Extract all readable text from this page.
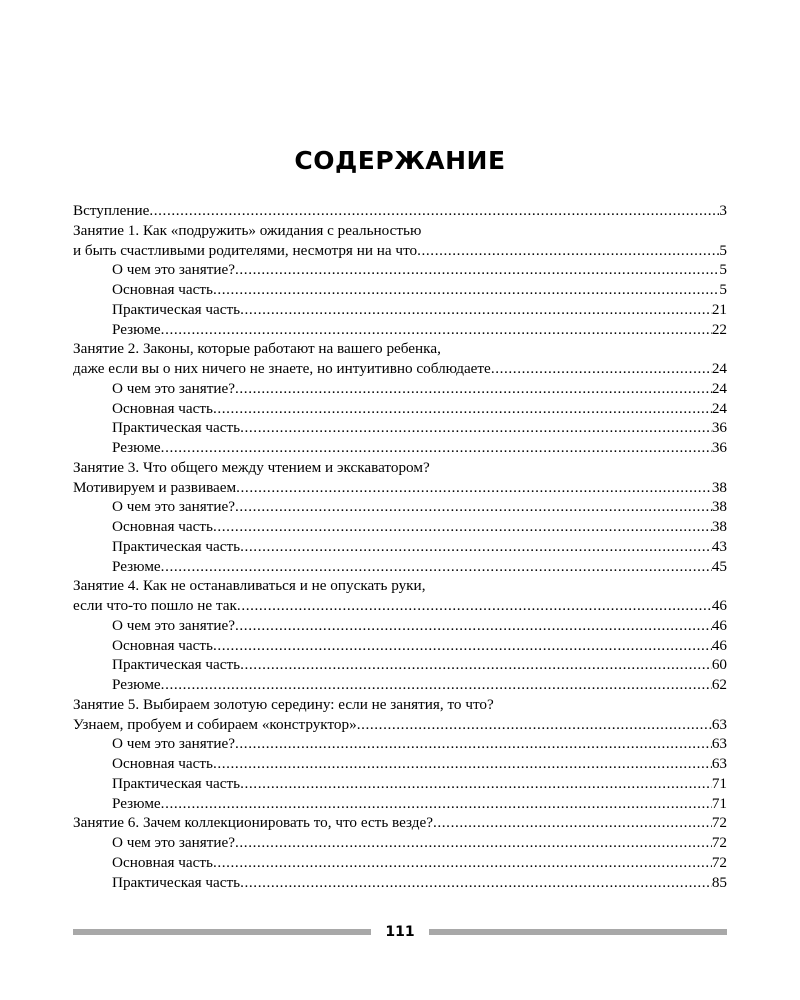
СОДЕРЖАНИЕ
Вступление .....	3
Занятие 1. Как «подружить» ожидания с реальностью
и быть счастливыми родителями, несмотря ни на что .....	5
О чем это занятие? .....	5
Основная часть .....	5
Практическая часть .....	21
Резюме .....	22
Занятие 2. Законы, которые работают на вашего ребенка,
даже если вы о них ничего не знаете, но интуитивно соблюдаете .....	24
О чем это занятие? .....	24
Основная часть .....	24
Практическая часть .....	36
Резюме .....	36
Занятие 3. Что общего между чтением и экскаватором?
Мотивируем и развиваем .....	38
О чем это занятие? .....	38
Основная часть .....	38
Практическая часть .....	43
Резюме .....	45
Занятие 4. Как не останавливаться и не опускать руки,
если что-то пошло не так .....	46
О чем это занятие? .....	46
Основная часть .....	46
Практическая часть .....	60
Резюме .....	62
Занятие 5. Выбираем золотую середину: если не занятия, то что?
Узнаем, пробуем и собираем «конструктор» .....	63
О чем это занятие? .....	63
Основная часть .....	63
Практическая часть .....	71
Резюме .....	71
Занятие 6. Зачем коллекционировать то, что есть везде? .....	72
О чем это занятие? .....	72
Основная часть .....	72
Практическая часть .....	85
111
